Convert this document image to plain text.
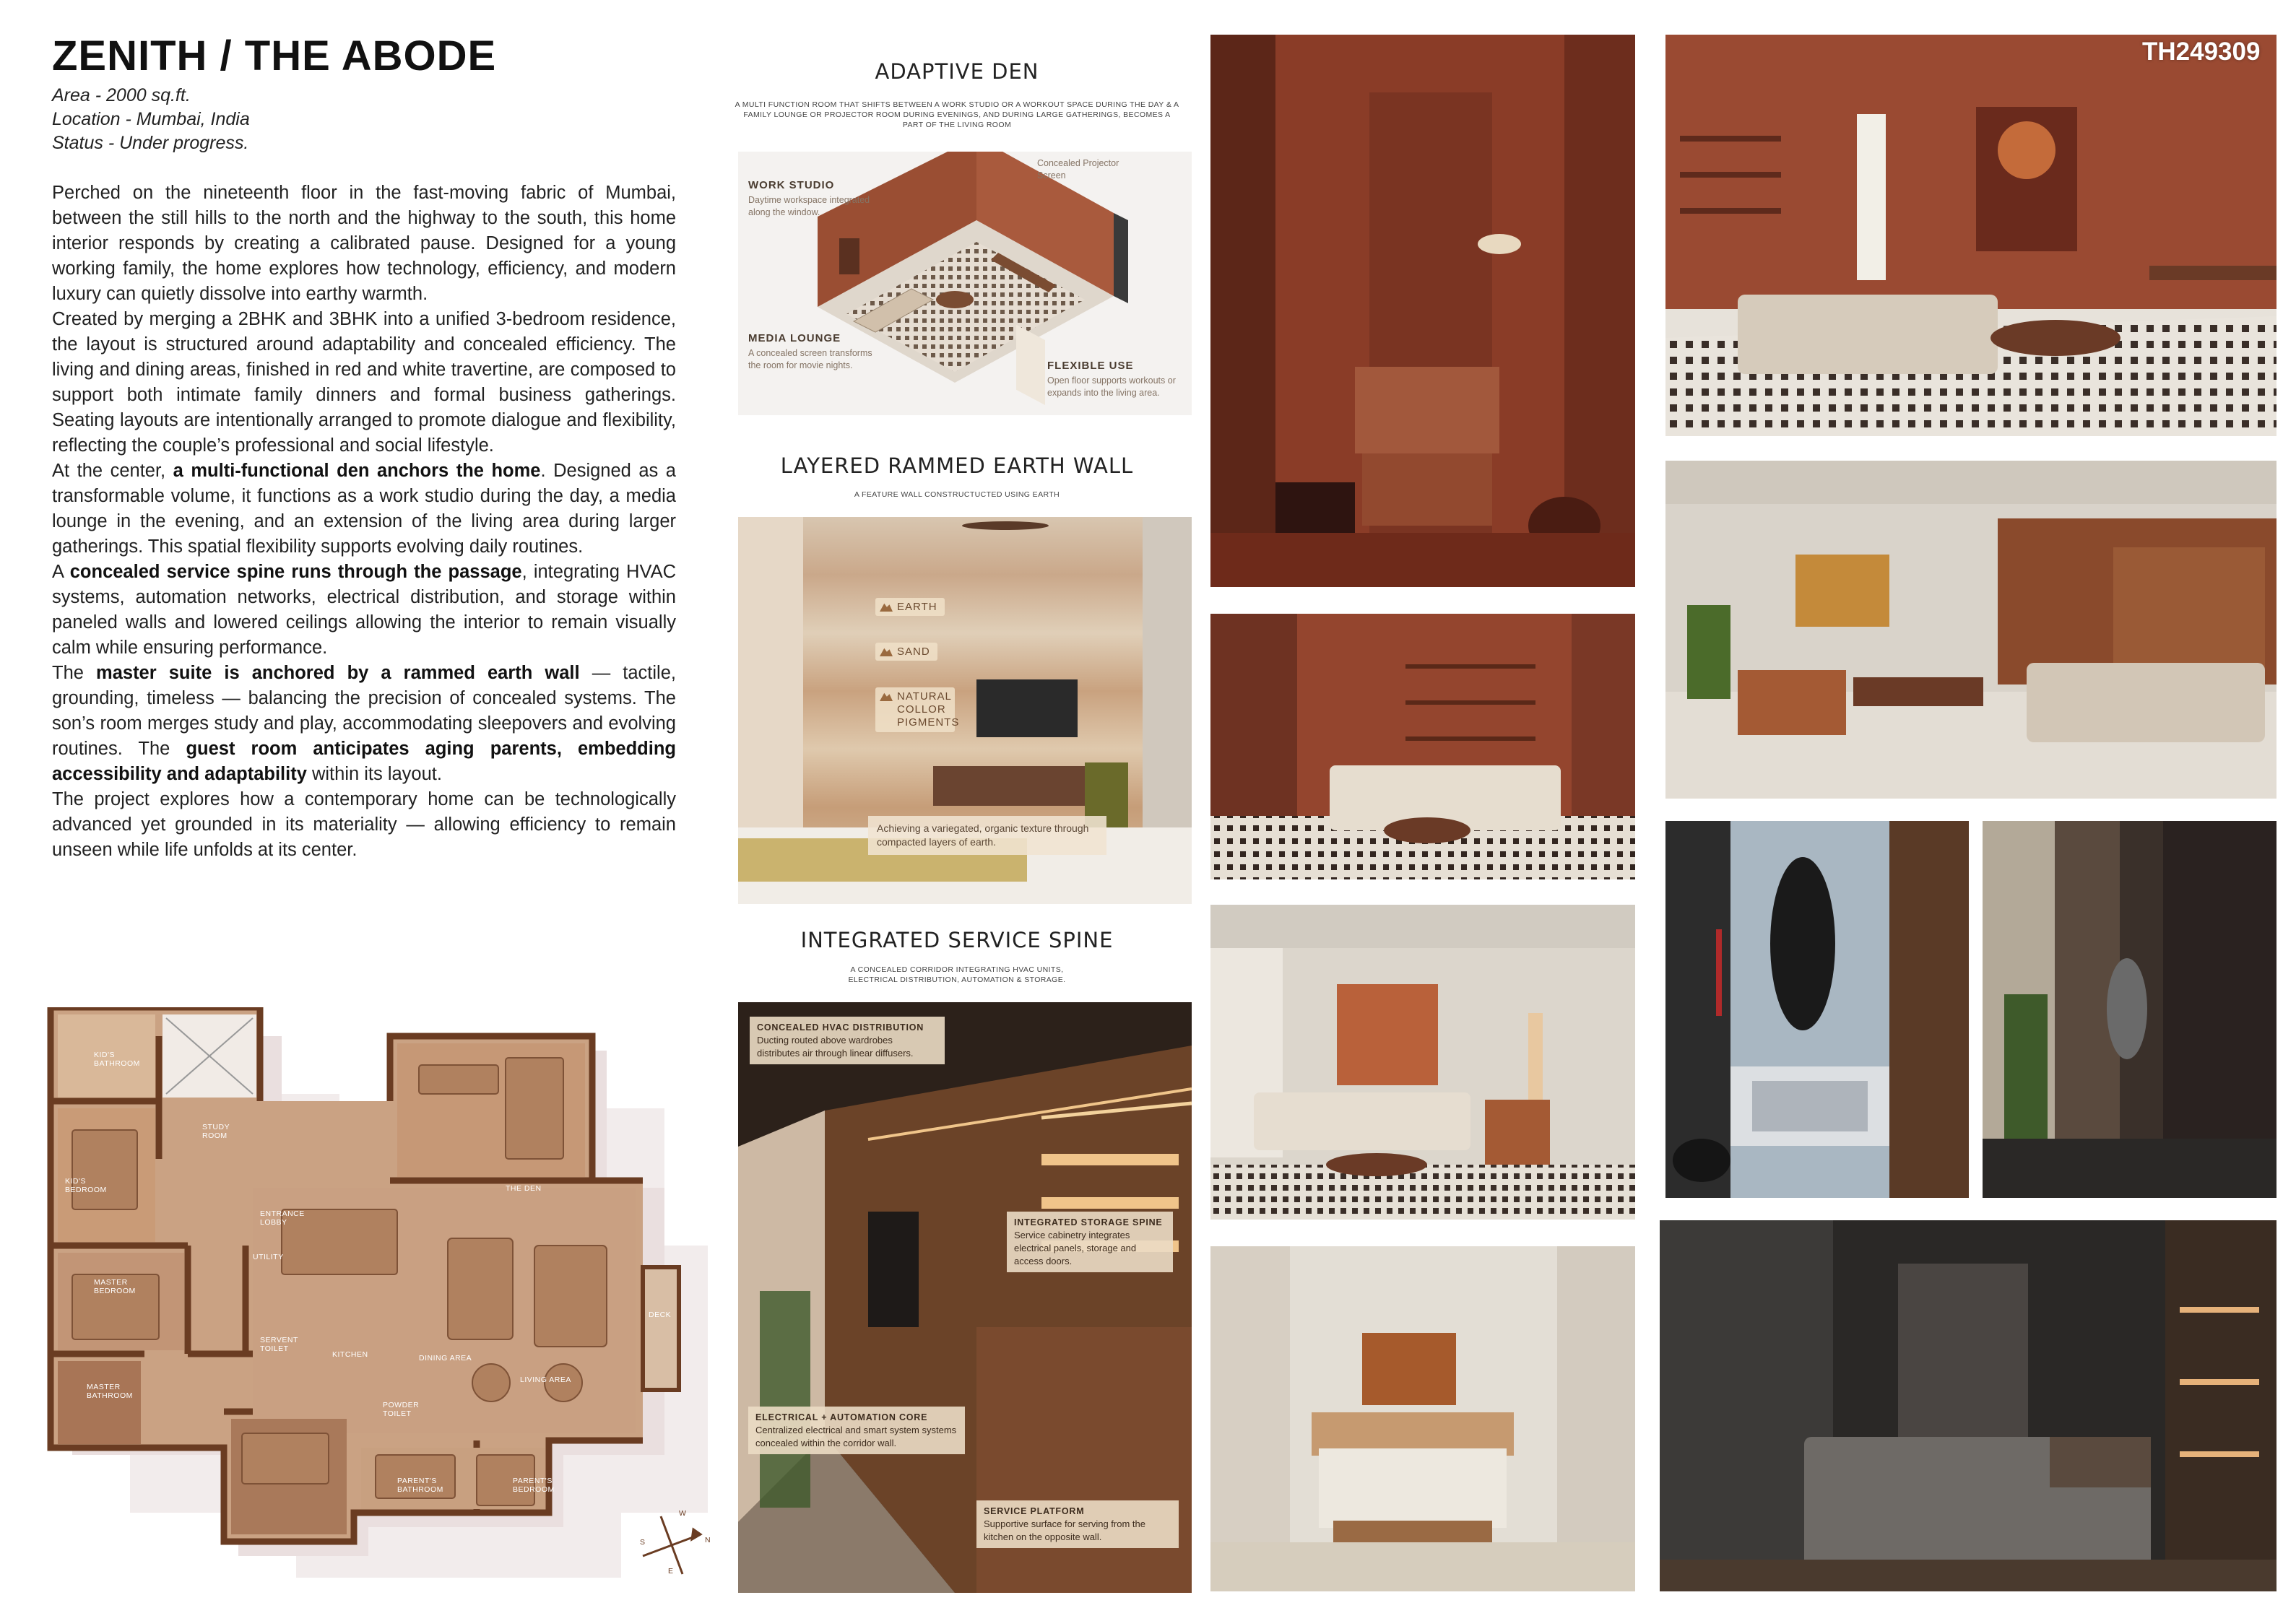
ZENITH / THE ABODE
Area - 2000 sq.ft.
Location - Mumbai, India
Status - Under progress.

Perched on the nineteenth floor in the fast-moving fabric of Mumbai, between the still hills to the north and the highway to the south, this home interior responds by creating a calibrated pause. Designed for a young working family, the home explores how technology, efficiency, and modern luxury can quietly dissolve into earthy warmth.

Created by merging a 2BHK and 3BHK into a unified 3-bedroom residence, the layout is structured around adaptability and concealed efficiency. The living and dining areas, finished in red and white travertine, are composed to support both intimate family dinners and formal business gatherings. Seating layouts are intentionally arranged to promote dialogue and flexibility, reflecting the couple’s professional and social lifestyle.

At the center, a multi-functional den anchors the home. Designed as a transformable volume, it functions as a work studio during the day, a media lounge in the evening, and an extension of the living area during larger gatherings. This spatial flexibility supports evolving daily routines.

A concealed service spine runs through the passage, integrating HVAC systems, automation networks, electrical distribution, and storage within paneled walls and lowered ceilings allowing the interior to remain visually calm while ensuring performance.

The master suite is anchored by a rammed earth wall — tactile, grounding, timeless — balancing the precision of concealed systems. The son’s room merges study and play, accommodating sleepovers and evolving routines. The guest room anticipates aging parents, embedding accessibility and adaptability within its layout.

The project explores how a contemporary home can be technologically advanced yet grounded in its materiality — allowing efficiency to remain unseen while life unfolds at its center.

KID'S BATHROOM
STUDY ROOM
KID'S BEDROOM
ENTRANCE LOBBY
THE DEN
UTILITY
MASTER BEDROOM
SERVENT TOILET
KITCHEN	DINING AREA
LIVING AREA
DECK
MASTER BATHROOM
POWDER TOILET
PARENT'S BATHROOM
PARENT'S BEDROOM
W
N
E
S
ADAPTIVE DEN
A MULTI FUNCTION ROOM THAT SHIFTS BETWEEN A WORK STUDIO OR A WORKOUT SPACE DURING THE DAY & A FAMILY LOUNGE OR PROJECTOR ROOM DURING EVENINGS, AND DURING LARGE GATHERINGS, BECOMES A PART OF THE LIVING ROOM
WORK STUDIO
Daytime workspace integrated along the window.
Concealed Projector Screen
MEDIA LOUNGE
A concealed screen transforms the room for movie nights.	FLEXIBLE USE
Open floor supports workouts or expands into the living area.
LAYERED RAMMED EARTH WALL
A FEATURE WALL CONSTRUCTUCTED USING EARTH
EARTH
SAND
NATURAL COLLOR PIGMENTS
Achieving a variegated, organic texture through compacted layers of earth.
INTEGRATED SERVICE SPINE
A CONCEALED CORRIDOR INTEGRATING HVAC UNITS, ELECTRICAL DISTRIBUTION, AUTOMATION & STORAGE.
CONCEALED HVAC DISTRIBUTION
Ducting routed above wardrobes distributes air through linear diffusers.
INTEGRATED STORAGE SPINE
Service cabinetry integrates electrical panels, storage and access doors.
ELECTRICAL + AUTOMATION CORE
Centralized electrical and smart system systems concealed within the corridor wall.
SERVICE PLATFORM
Supportive surface for serving from the kitchen on the opposite wall.
TH249309
